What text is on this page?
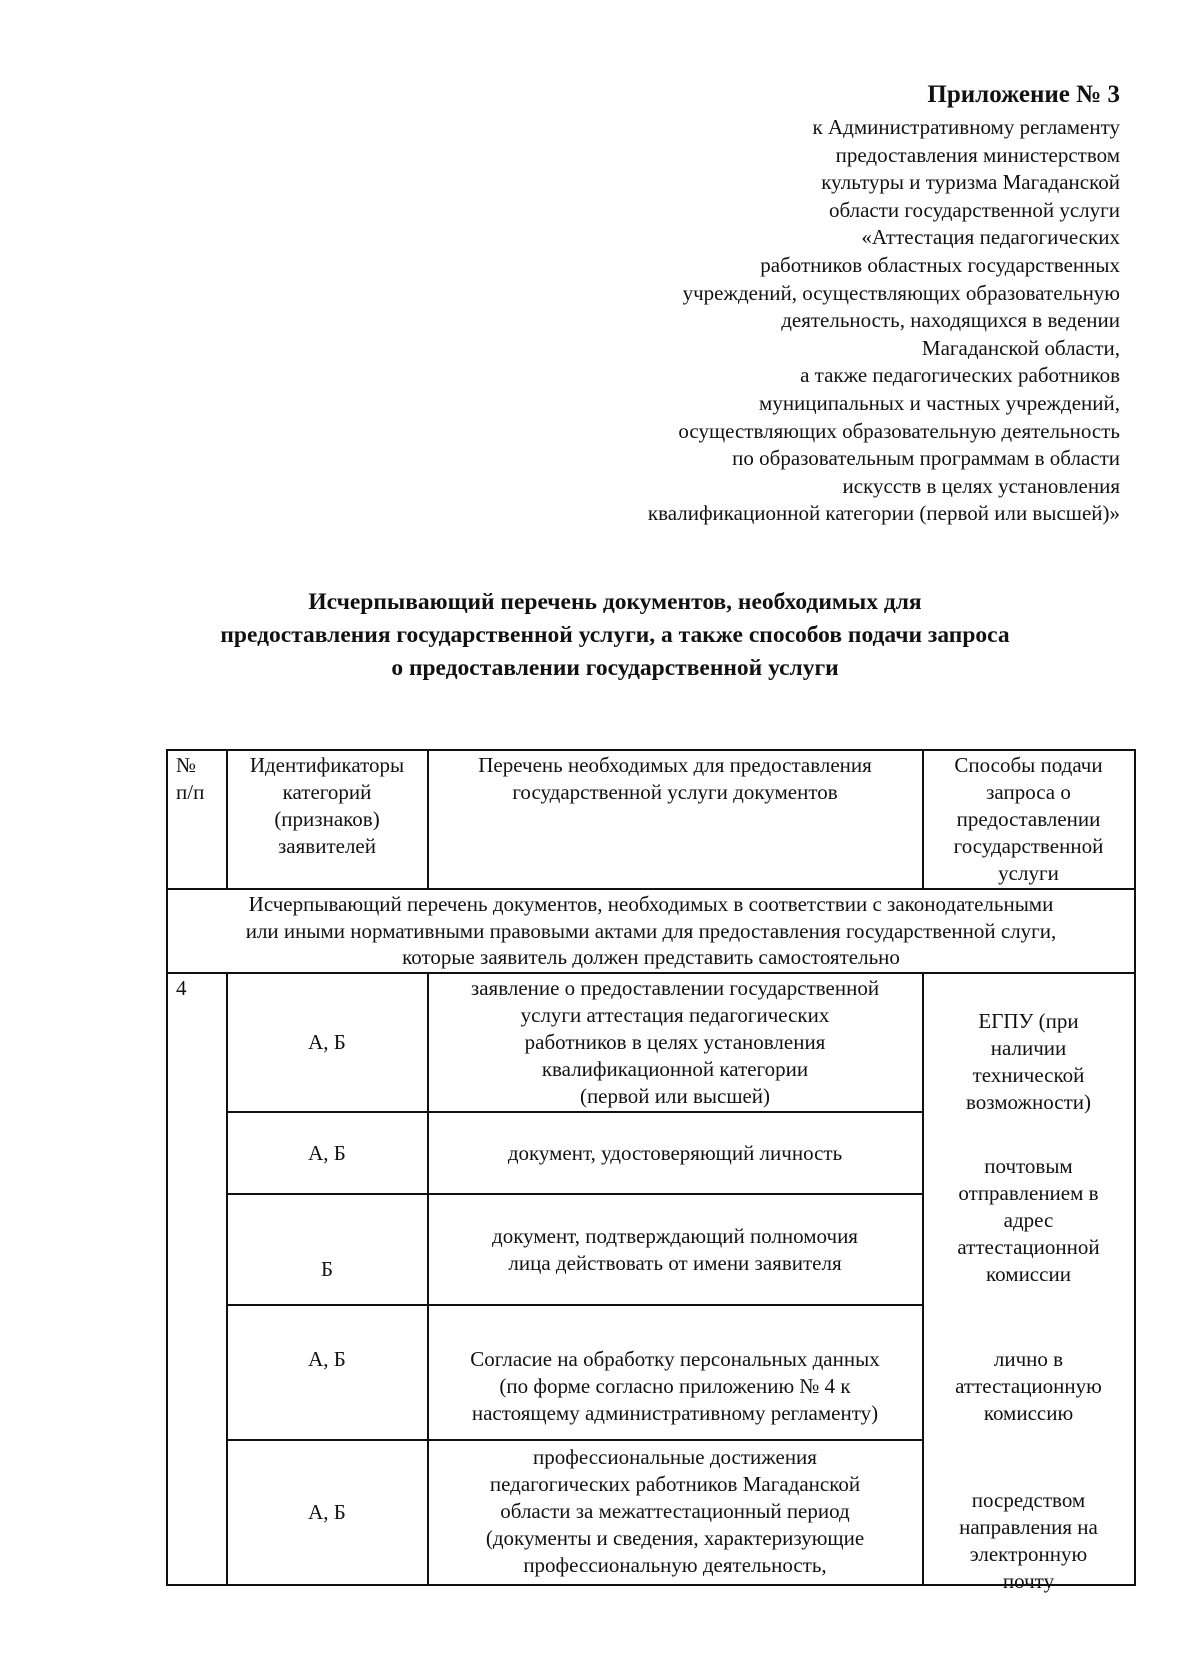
Приложение № 3
к Административному регламенту
предоставления министерством
культуры и туризма Магаданской
области государственной услуги
«Аттестация педагогических
работников областных государственных
учреждений, осуществляющих образовательную
деятельность, находящихся в ведении
Магаданской области,
а также педагогических работников
муниципальных и частных учреждений,
осуществляющих образовательную деятельность
по образовательным программам в области
искусств в целях установления
квалификационной категории (первой или высшей)»
Исчерпывающий перечень документов, необходимых для
предоставления государственной услуги, а также способов подачи запроса
о предоставлении государственной услуги
№
п/п
Идентификаторы
категорий
(признаков)
заявителей
Перечень необходимых для предоставления
государственной услуги документов
Способы подачи
запроса о
предоставлении
государственной
услуги
Исчерпывающий перечень документов, необходимых в соответствии с законодательными
или иными нормативными правовыми актами для предоставления государственной слуги,
которые заявитель должен представить самостоятельно
4
А, Б
А, Б
Б
А, Б
А, Б
заявление о предоставлении государственной
услуги аттестация педагогических
работников в целях установления
квалификационной категории
(первой или высшей)
документ, удостоверяющий личность
документ, подтверждающий полномочия
лица действовать от имени заявителя
Согласие на обработку персональных данных
(по форме согласно приложению № 4 к
настоящему административному регламенту)
профессиональные достижения
педагогических работников Магаданской
области за межаттестационный период
(документы и сведения, характеризующие
профессиональную деятельность,
ЕГПУ (при
наличии
технической
возможности)
почтовым
отправлением в
адрес
аттестационной
комиссии
лично в
аттестационную
комиссию
посредством
направления на
электронную
почту
